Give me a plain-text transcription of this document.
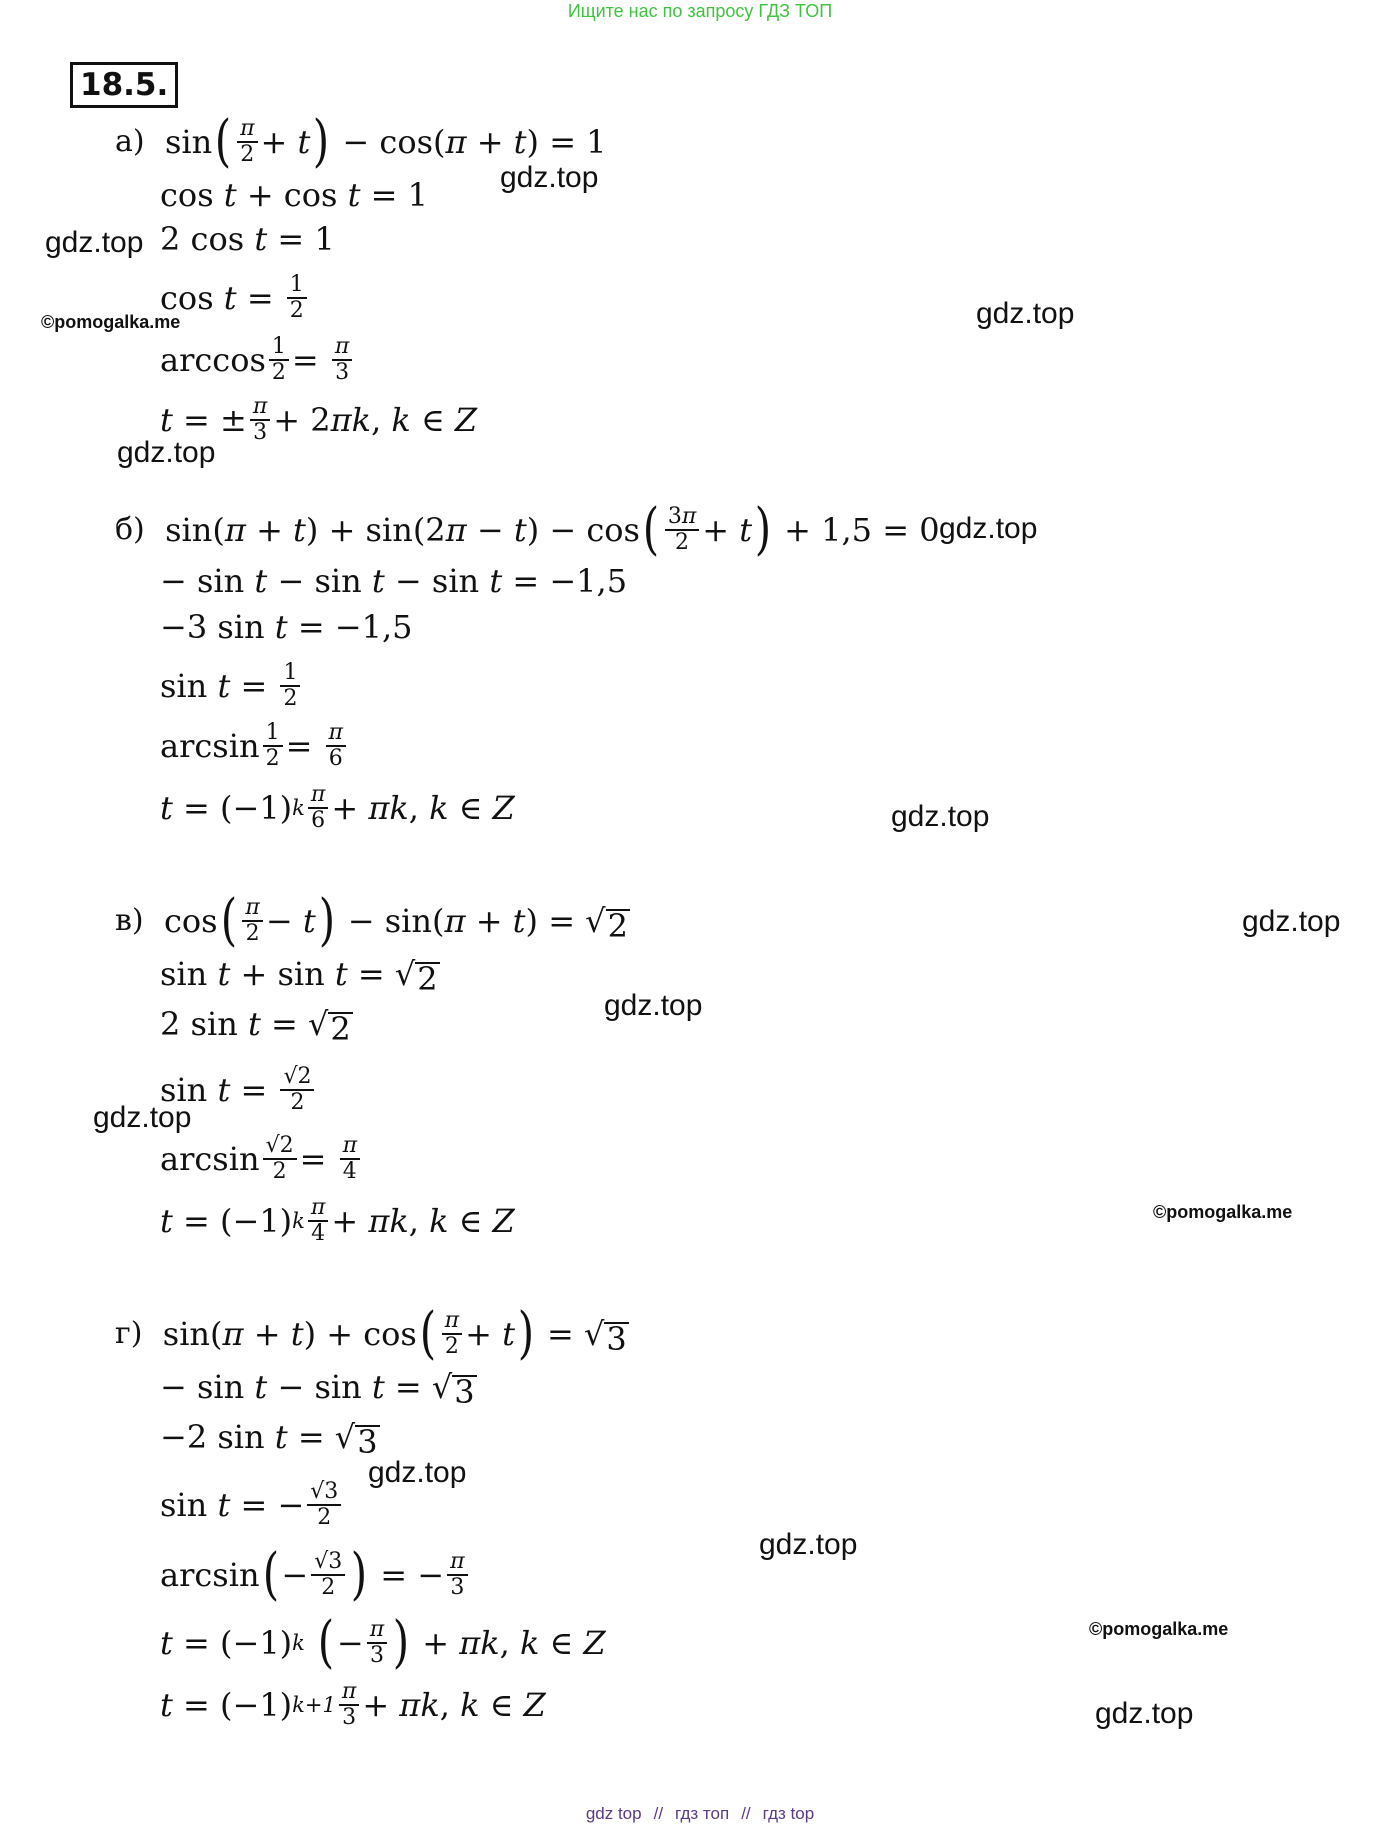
Ищите нас по запросу ГДЗ ТОП
18.5.
а) sin ( $\frac{\pi}{2} + t$ ) − cos( π + t ) = 1
cos t + cos t = 1
2 cos t = 1
$\cos t = \frac{1}{2}$
$\arccos \frac{1}{2} = \frac{\pi}{3}$
t = ± $\frac{\pi}{3} + 2$ πk , k ∈ Z
б) sin( π + t ) + sin(2 π − t ) − cos ( $\frac{3\pi}{2} + t$ ) + 1,5 = 0
− sin t − sin t − sin t = −1,5
−3 sin t = −1,5
$\sin t = \frac{1}{2}$
$\arcsin \frac{1}{2} = \frac{\pi}{6}$
t = (−1) k $\frac{\pi}{6} + \pi k$ , k ∈ Z
в) cos ( $\frac{\pi}{2} - t$ ) − sin( π + t ) = √ 2
sin t + sin t = √ 2
2 sin t = √ 2
$\sin t = \frac{√2}{2}$
$\arcsin \frac{√2}{2} = \frac{\pi}{4}$
t = (−1) k $\frac{\pi}{4} + \pi k$ , k ∈ Z
г) sin( π + t ) + cos ( $\frac{\pi}{2} + t$ ) = √ 3
− sin t − sin t = √ 3
−2 sin t = √ 3
sin t = − $\frac{√3}{2}$
arcsin ( − $\frac{√3}{2}$ ) = − $\frac{\pi}{3}$
t = (−1) k
( − $\frac{\pi}{3}$ ) + πk , k ∈ Z
t = (−1) $k+1 \frac{\pi}{3} + \pi k$ , k ∈ Z
gdz.top
gdz.top
gdz.top
gdz.top
gdz.top
gdz.top
gdz.top
gdz.top
gdz.top
gdz.top
gdz.top
gdz.top
©pomogalka.me
©pomogalka.me
©pomogalka.me
gdz top // гдз топ // гдз top
